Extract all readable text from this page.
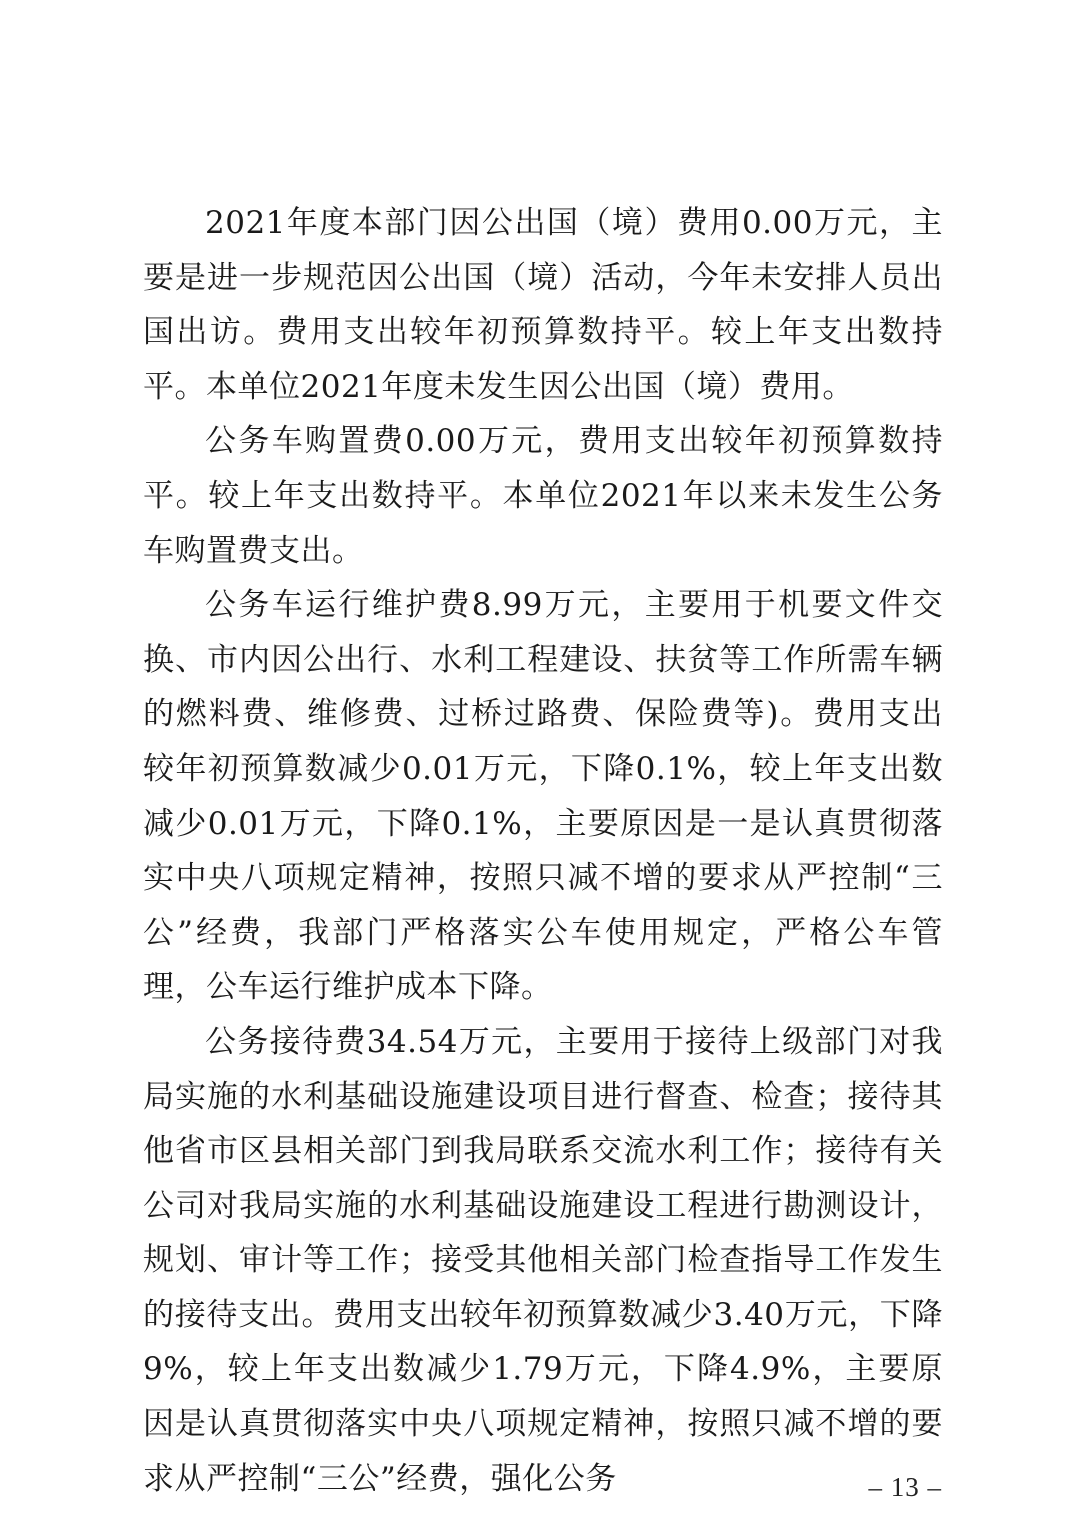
2021年度本部门因公出国（境）费用0.00万元，主要是进一步规范因公出国（境）活动，今年未安排人员出国出访。费用支出较年初预算数持平。较上年支出数持平。本单位2021年度未发生因公出国（境）费用。

公务车购置费0.00万元，费用支出较年初预算数持平。较上年支出数持平。本单位2021年以来未发生公务车购置费支出。

公务车运行维护费8.99万元，主要用于机要文件交换、市内因公出行、水利工程建设、扶贫等工作所需车辆的燃料费、维修费、过桥过路费、保险费等)。费用支出较年初预算数减少0.01万元，下降0.1%，较上年支出数减少0.01万元，下降0.1%，主要原因是一是认真贯彻落实中央八项规定精神，按照只减不增的要求从严控制“三公”经费，我部门严格落实公车使用规定，严格公车管理，公车运行维护成本下降。

公务接待费34.54万元，主要用于接待上级部门对我局实施的水利基础设施建设项目进行督查、检查；接待其他省市区县相关部门到我局联系交流水利工作；接待有关公司对我局实施的水利基础设施建设工程进行勘测设计，规划、审计等工作；接受其他相关部门检查指导工作发生的接待支出。费用支出较年初预算数减少3.40万元，下降9%，较上年支出数减少1.79万元，下降4.9%，主要原因是认真贯彻落实中央八项规定精神，按照只减不增的要求从严控制“三公”经费，强化公务	– 13 –
